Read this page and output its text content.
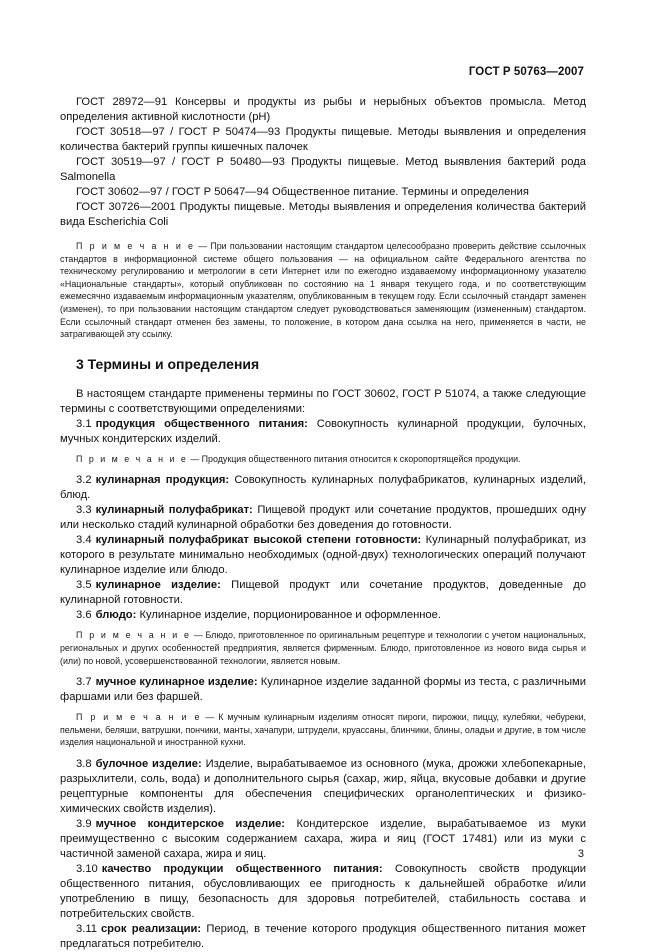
ГОСТ Р 50763—2007

ГОСТ 28972—91 Консервы и продукты из рыбы и нерыбных объектов промысла. Метод определения активной кислотности (pH)

ГОСТ 30518—97 / ГОСТ Р 50474—93 Продукты пищевые. Методы выявления и определения количества бактерий группы кишечных палочек

ГОСТ 30519—97 / ГОСТ Р 50480—93 Продукты пищевые. Метод выявления бактерий рода Salmonella

ГОСТ 30602—97 / ГОСТ Р 50647—94 Общественное питание. Термины и определения

ГОСТ 30726—2001 Продукты пищевые. Методы выявления и определения количества бактерий вида Escherichia Coli

П р и м е ч а н и е — При пользовании настоящим стандартом целесообразно проверить действие ссылочных стандартов в информационной системе общего пользования — на официальном сайте Федерального агентства по техническому регулированию и метрологии в сети Интернет или по ежегодно издаваемому информационному указателю «Национальные стандарты», который опубликован по состоянию на 1 января текущего года, и по соответствующим ежемесячно издаваемым информационным указателям, опубликованным в текущем году. Если ссылочный стандарт заменен (изменен), то при пользовании настоящим стандартом следует руководствоваться заменяющим (измененным) стандартом. Если ссылочный стандарт отменен без замены, то положение, в котором дана ссылка на него, применяется в части, не затрагивающей эту ссылку.

3 Термины и определения

В настоящем стандарте применены термины по ГОСТ 30602, ГОСТ Р 51074, а также следующие термины с соответствующими определениями:

3.1 продукция общественного питания: Совокупность кулинарной продукции, булочных, мучных кондитерских изделий.

П р и м е ч а н и е — Продукция общественного питания относится к скоропортящейся продукции.

3.2 кулинарная продукция: Совокупность кулинарных полуфабрикатов, кулинарных изделий, блюд.

3.3 кулинарный полуфабрикат: Пищевой продукт или сочетание продуктов, прошедших одну или несколько стадий кулинарной обработки без доведения до готовности.

3.4 кулинарный полуфабрикат высокой степени готовности: Кулинарный полуфабрикат, из которого в результате минимально необходимых (одной-двух) технологических операций получают кулинарное изделие или блюдо.

3.5 кулинарное изделие: Пищевой продукт или сочетание продуктов, доведенные до кулинарной готовности.

3.6 блюдо: Кулинарное изделие, порционированное и оформленное.

П р и м е ч а н и е — Блюдо, приготовленное по оригинальным рецептуре и технологии с учетом национальных, региональных и других особенностей предприятия, является фирменным. Блюдо, приготовленное из нового вида сырья и (или) по новой, усовершенствованной технологии, является новым.

3.7 мучное кулинарное изделие: Кулинарное изделие заданной формы из теста, с различными фаршами или без фаршей.

П р и м е ч а н и е — К мучным кулинарным изделиям относят пироги, пирожки, пиццу, кулебяки, чебуреки, пельмени, беляши, ватрушки, пончики, манты, хачапури, штрудели, круассаны, блинчики, блины, оладьи и другие, в том числе изделия национальной и иностранной кухни.

3.8 булочное изделие: Изделие, вырабатываемое из основного (мука, дрожжи хлебопекарные, разрыхлители, соль, вода) и дополнительного сырья (сахар, жир, яйца, вкусовые добавки и другие рецептурные компоненты для обеспечения специфических органолептических и физико-химических свойств изделия).

3.9 мучное кондитерское изделие: Кондитерское изделие, вырабатываемое из муки преимущественно с высоким содержанием сахара, жира и яиц (ГОСТ 17481) или из муки с частичной заменой сахара, жира и яиц.

3.10 качество продукции общественного питания: Совокупность свойств продукции общественного питания, обусловливающих ее пригодность к дальнейшей обработке и/или употреблению в пищу, безопасность для здоровья потребителей, стабильность состава и потребительских свойств.

3.11 срок реализации: Период, в течение которого продукция общественного питания может предлагаться потребителю.

3
